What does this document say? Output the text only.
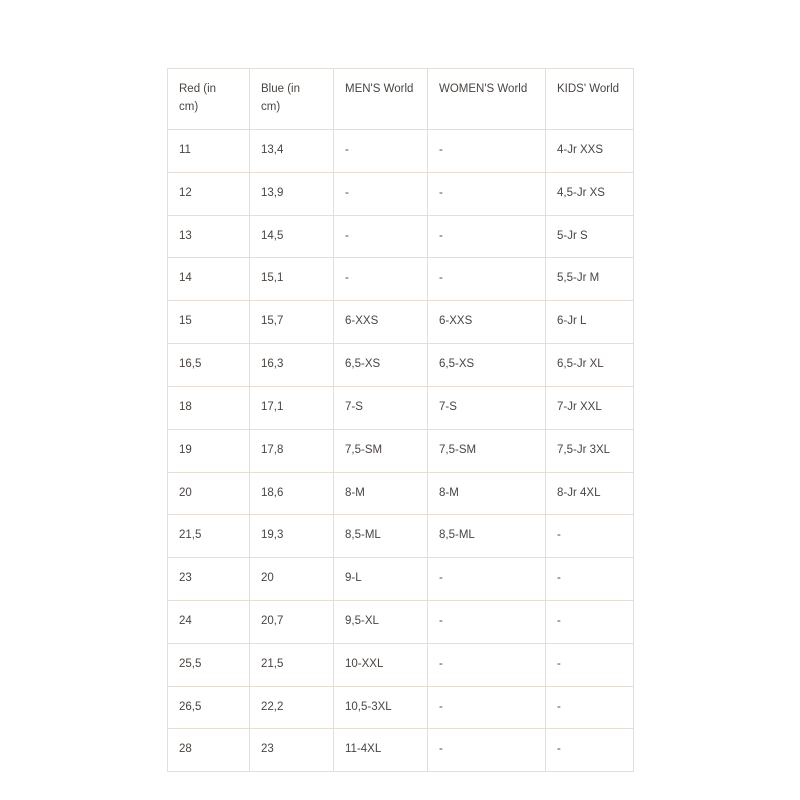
Red (in cm)	Blue (in cm)	MEN'S World	WOMEN'S World	KIDS' World
11	13,4	-	-	4-Jr XXS
12	13,9	-	-	4,5-Jr XS
13	14,5	-	-	5-Jr S
14	15,1	-	-	5,5-Jr M
15	15,7	6-XXS	6-XXS	6-Jr L
16,5	16,3	6,5-XS	6,5-XS	6,5-Jr XL
18	17,1	7-S	7-S	7-Jr XXL
19	17,8	7,5-SM	7,5-SM	7,5-Jr 3XL
20	18,6	8-M	8-M	8-Jr 4XL
21,5	19,3	8,5-ML	8,5-ML	-
23	20	9-L	-	-
24	20,7	9,5-XL	-	-
25,5	21,5	10-XXL	-	-
26,5	22,2	10,5-3XL	-	-
28	23	11-4XL	-	-
